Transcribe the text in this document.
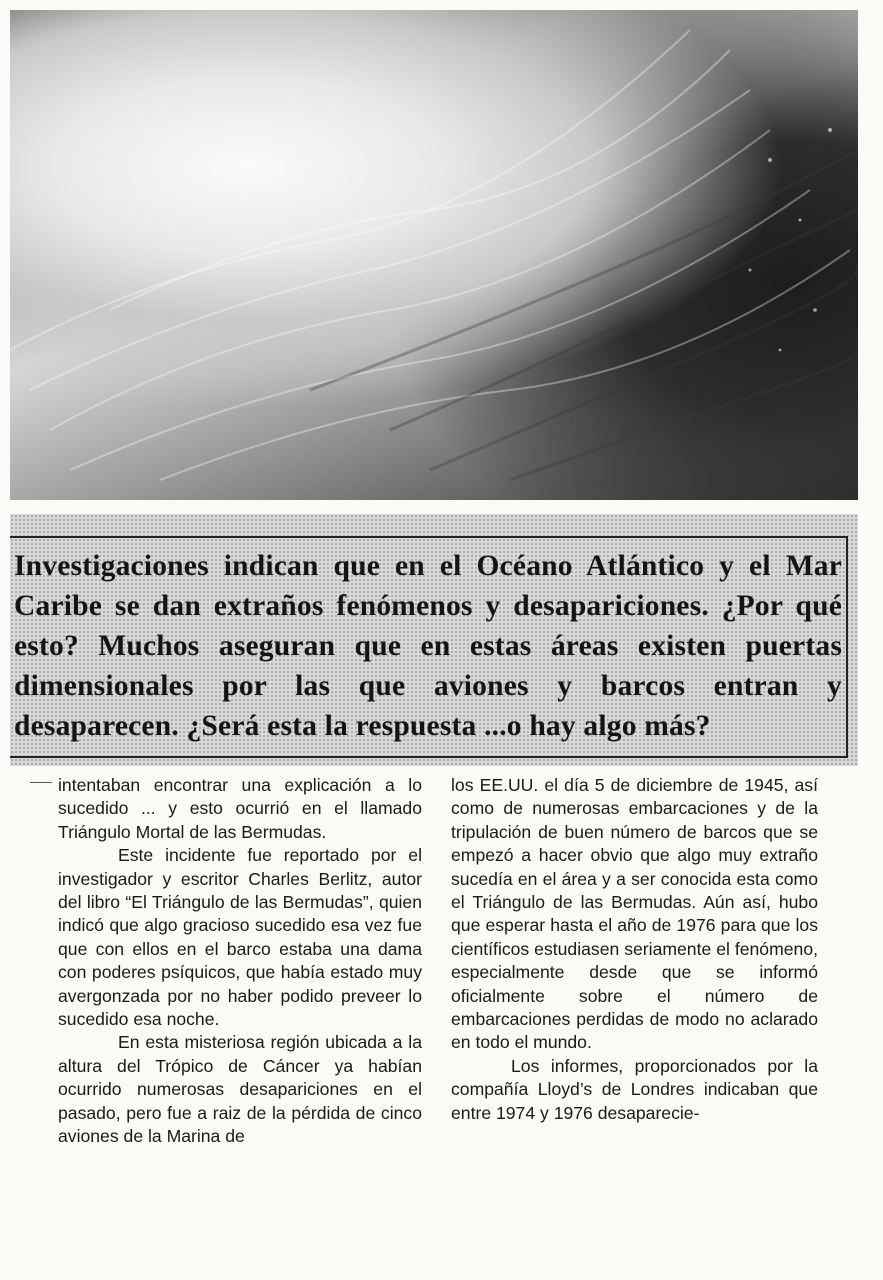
Investigaciones indican que en el Océano Atlántico y el Mar Caribe se dan extraños fenómenos y desapariciones. ¿Por qué esto? Muchos aseguran que en estas áreas existen puertas dimensionales por las que aviones y barcos entran y desaparecen. ¿Será esta la respuesta ...o hay algo más?

intentaban encontrar una explicación a lo sucedido ... y esto ocurrió en el llamado Triángulo Mortal de las Bermudas.

Este incidente fue reportado por el investigador y escritor Charles Berlitz, autor del libro “El Triángulo de las Bermudas”, quien indicó que algo gracioso sucedido esa vez fue que con ellos en el barco estaba una dama con poderes psíquicos, que había estado muy avergonzada por no haber podido preveer lo sucedido esa noche.

En esta misteriosa región ubicada a la altura del Trópico de Cáncer ya habían ocurrido numerosas desapariciones en el pasado, pero fue a raiz de la pérdida de cinco aviones de la Marina de

los EE.UU. el día 5 de diciembre de 1945, así como de numerosas embarcaciones y de la tripulación de buen número de barcos que se empezó a hacer obvio que algo muy extraño sucedía en el área y a ser conocida esta como el Triángulo de las Bermudas. Aún así, hubo que esperar hasta el año de 1976 para que los científicos estudiasen seriamente el fenómeno, especialmente desde que se informó oficialmente sobre el número de embarcaciones perdidas de modo no aclarado en todo el mundo.

Los informes, proporcionados por la compañía Lloyd’s de Londres indicaban que entre 1974 y 1976 desaparecie-
